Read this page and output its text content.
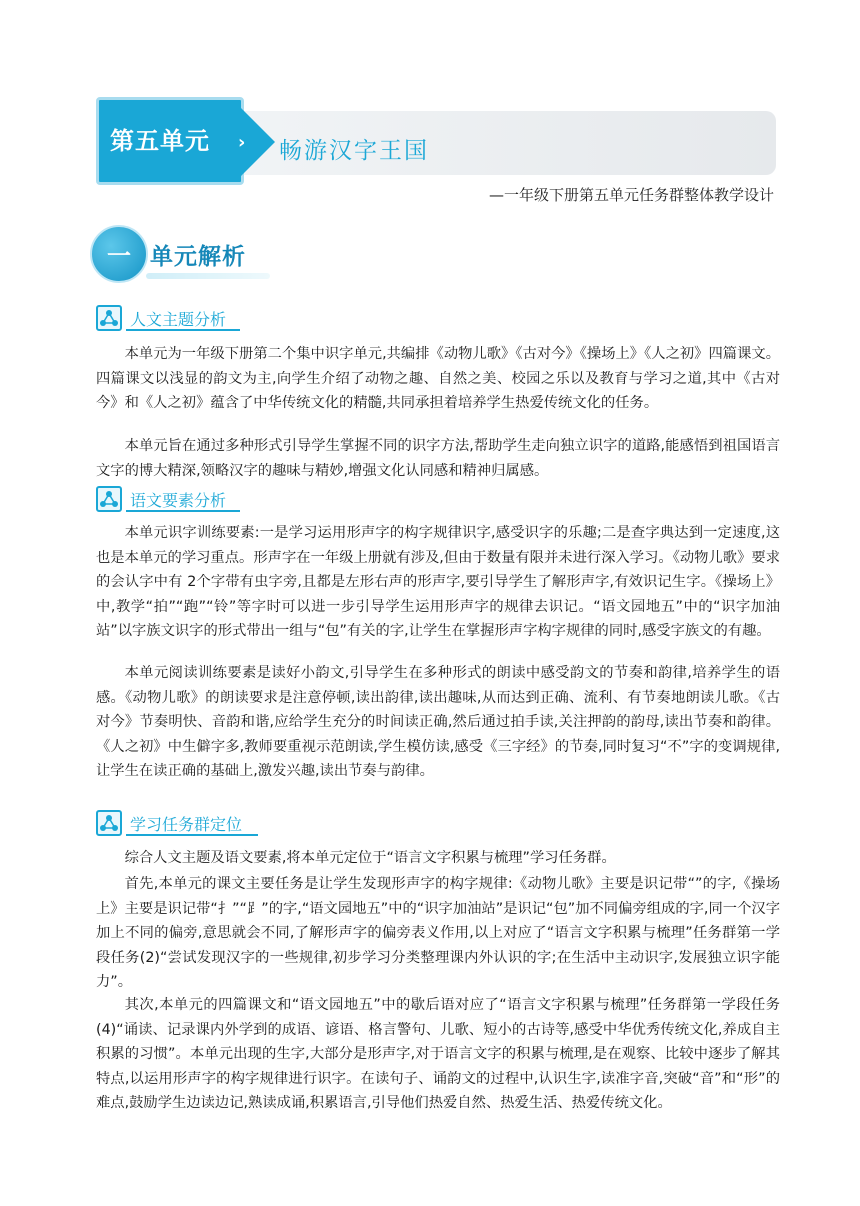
第五单元 › 畅游汉字王国
—一年级下册第五单元任务群整体教学设计
一 单元解析
人文主题分析

本单元为一年级下册第二个集中识字单元,共编排《动物儿歌》《古对今》《操场上》《人之初》四篇课文。 四篇课文以浅显的韵文为主,向学生介绍了动物之趣、自然之美、校园之乐以及教育与学习之道,其中《古对今》和《人之初》蕴含了中华传统文化的精髓,共同承担着培养学生热爱传统文化的任务。

本单元旨在通过多种形式引导学生掌握不同的识字方法,帮助学生走向独立识字的道路,能感悟到祖国语言文字的博大精深,领略汉字的趣味与精妙,增强文化认同感和精神归属感。

语文要素分析

本单元识字训练要素:一是学习运用形声字的构字规律识字,感受识字的乐趣;二是查字典达到一定速度,这也是本单元的学习重点。形声字在一年级上册就有涉及,但由于数量有限并未进行深入学习。《动物儿歌》要求的会认字中有 2个字带有虫字旁,且都是左形右声的形声字,要引导学生了解形声字,有效识记生字。《操场上》中,教学“拍”“跑”“铃”等字时可以进一步引导学生运用形声字的规律去识记。“语文园地五”中的“识字加油站”以字族文识字的形式带出一组与“包”有关的字,让学生在掌握形声字构字规律的同时,感受字族文的有趣。

本单元阅读训练要素是读好小韵文,引导学生在多种形式的朗读中感受韵文的节奏和韵律,培养学生的语感。《动物儿歌》的朗读要求是注意停顿,读出韵律,读出趣味,从而达到正确、流利、有节奏地朗读儿歌。《古对今》节奏明快、音韵和谐,应给学生充分的时间读正确,然后通过拍手读,关注押韵的韵母,读出节奏和韵律。《人之初》中生僻字多,教师要重视示范朗读,学生模仿读,感受《三字经》的节奏,同时复习“不”字的变调规律,让学生在读正确的基础上,激发兴趣,读出节奏与韵律。

学习任务群定位

综合人文主题及语文要素,将本单元定位于“语言文字积累与梳理”学习任务群。

首先,本单元的课文主要任务是让学生发现形声字的构字规律:《动物儿歌》主要是识记带“”的字,《操场上》主要是识记带“扌”“⻊”的字,“语文园地五”中的“识字加油站”是识记“包”加不同偏旁组成的字,同一个汉字加上不同的偏旁,意思就会不同,了解形声字的偏旁表义作用,以上对应了“语言文字积累与梳理”任务群第一学段任务(2)“尝试发现汉字的一些规律,初步学习分类整理课内外认识的字;在生活中主动识字,发展独立识字能力”。

其次,本单元的四篇课文和“语文园地五”中的歇后语对应了“语言文字积累与梳理”任务群第一学段任务(4)“诵读、记录课内外学到的成语、谚语、格言警句、儿歌、短小的古诗等,感受中华优秀传统文化,养成自主积累的习惯”。本单元出现的生字,大部分是形声字,对于语言文字的积累与梳理,是在观察、比较中逐步了解其特点,以运用形声字的构字规律进行识字。在读句子、诵韵文的过程中,认识生字,读准字音,突破“音”和“形”的难点,鼓励学生边读边记,熟读成诵,积累语言,引导他们热爱自然、热爱生活、热爱传统文化。
